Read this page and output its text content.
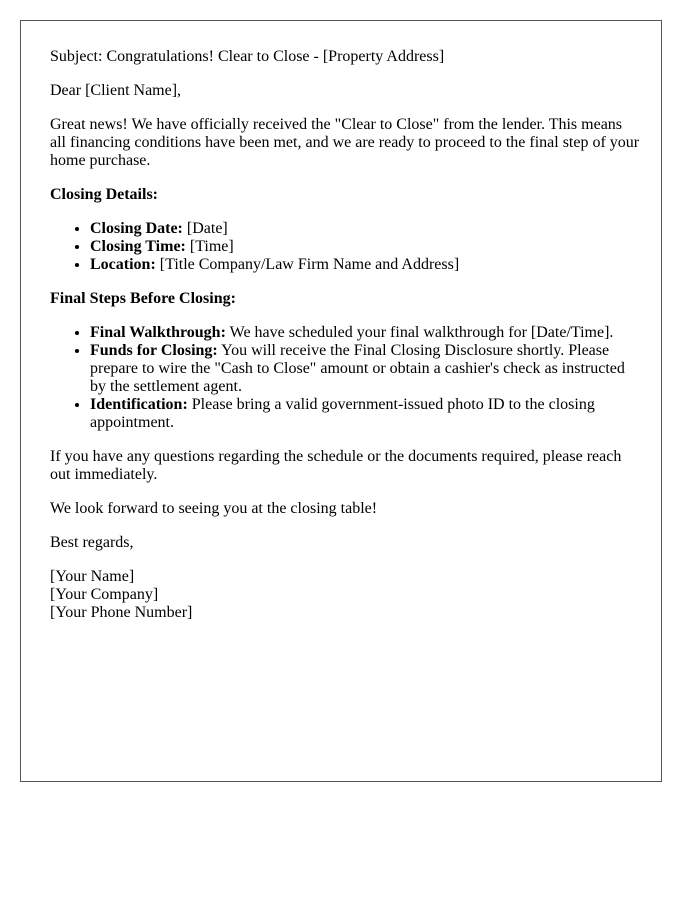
Subject: Congratulations! Clear to Close - [Property Address]

Dear [Client Name],

Great news! We have officially received the "Clear to Close" from the lender. This means all financing conditions have been met, and we are ready to proceed to the final step of your home purchase.

Closing Details:

• Closing Date: [Date]
• Closing Time: [Time]
• Location: [Title Company/Law Firm Name and Address]

Final Steps Before Closing:

• Final Walkthrough: We have scheduled your final walkthrough for [Date/Time].
• Funds for Closing: You will receive the Final Closing Disclosure shortly. Please prepare to wire the "Cash to Close" amount or obtain a cashier's check as instructed by the settlement agent.
• Identification: Please bring a valid government-issued photo ID to the closing appointment.

If you have any questions regarding the schedule or the documents required, please reach out immediately.

We look forward to seeing you at the closing table!

Best regards,

[Your Name]
[Your Company]
[Your Phone Number]
